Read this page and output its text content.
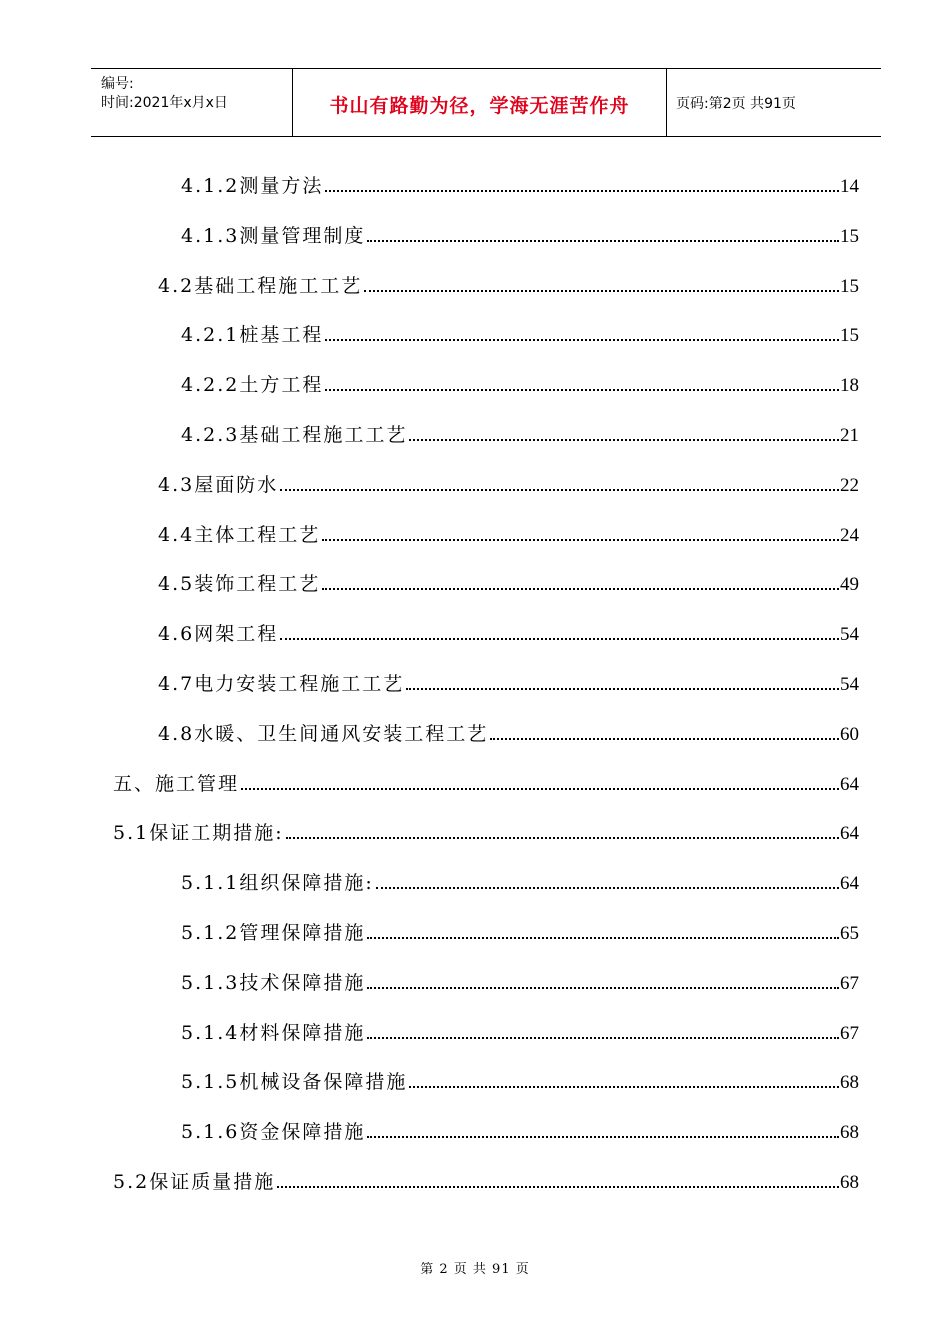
编号:
时间:2021年x月x日	书山有路勤为径，学海无涯苦作舟	页码:第2页 共91页
4.1.2测量方法	14
4.1.3测量管理制度	15
4.2基础工程施工工艺	15
4.2.1桩基工程	15
4.2.2土方工程	18
4.2.3基础工程施工工艺	21
4.3屋面防水	22
4.4主体工程工艺	24
4.5装饰工程工艺	49
4.6网架工程	54
4.7电力安装工程施工工艺	54
4.8水暖、卫生间通风安装工程工艺	60
五、施工管理	64
5.1保证工期措施:	64
5.1.1组织保障措施:	64
5.1.2管理保障措施	65
5.1.3技术保障措施	67
5.1.4材料保障措施	67
5.1.5机械设备保障措施	68
5.1.6资金保障措施	68
5.2保证质量措施	68
第 2 页 共 91 页
